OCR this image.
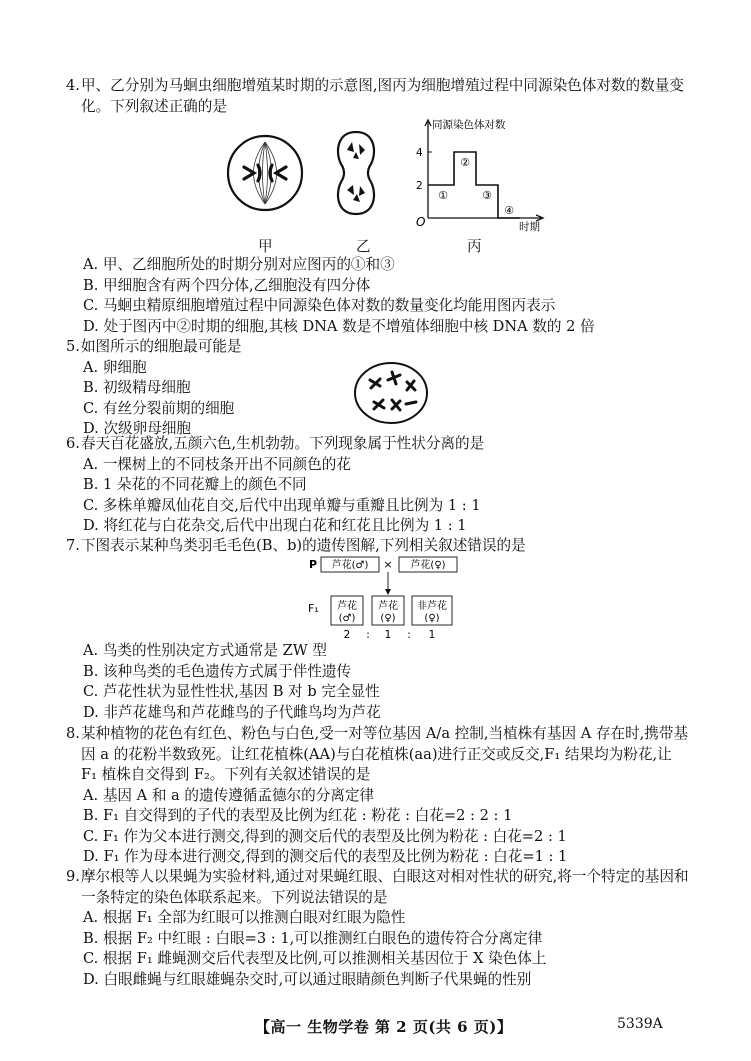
4.甲、乙分别为马蛔虫细胞增殖某时期的示意图,图丙为细胞增殖过程中同源染色体对数的数量变化。下列叙述正确的是

甲	乙
同源染色体对数
时期
O
2
4
①
②
③
④
丙

A. 甲、乙细胞所处的时期分别对应图丙的①和③

B. 甲细胞含有两个四分体,乙细胞没有四分体

C. 马蛔虫精原细胞增殖过程中同源染色体对数的数量变化均能用图丙表示

D. 处于图丙中②时期的细胞,其核 DNA 数是不增殖体细胞中核 DNA 数的 2 倍

5.如图所示的细胞最可能是

A. 卵细胞

B. 初级精母细胞

C. 有丝分裂前期的细胞

D. 次级卵母细胞

6.春天百花盛放,五颜六色,生机勃勃。下列现象属于性状分离的是

A. 一棵树上的不同枝条开出不同颜色的花

B. 1 朵花的不同花瓣上的颜色不同

C. 多株单瓣凤仙花自交,后代中出现单瓣与重瓣且比例为 1 : 1

D. 将红花与白花杂交,后代中出现白花和红花且比例为 1 : 1

7.下图表示某种鸟类羽毛毛色(B、b)的遗传图解,下列相关叙述错误的是

P 芦花(♂) × 芦花(♀)
F₁ 芦花
(♂)
芦花
(♀)
非芦花
(♀)
2 : 1 : 1

A. 鸟类的性别决定方式通常是 ZW 型

B. 该种鸟类的毛色遗传方式属于伴性遗传

C. 芦花性状为显性性状,基因 B 对 b 完全显性

D. 非芦花雄鸟和芦花雌鸟的子代雌鸟均为芦花

8.某种植物的花色有红色、粉色与白色,受一对等位基因 A/a 控制,当植株有基因 A 存在时,携带基因 a 的花粉半数致死。让红花植株(AA)与白花植株(aa)进行正交或反交,F₁ 结果均为粉花,让 F₁ 植株自交得到 F₂。下列有关叙述错误的是

A. 基因 A 和 a 的遗传遵循孟德尔的分离定律

B. F₁ 自交得到的子代的表型及比例为红花 : 粉花 : 白花=2 : 2 : 1

C. F₁ 作为父本进行测交,得到的测交后代的表型及比例为粉花 : 白花=2 : 1

D. F₁ 作为母本进行测交,得到的测交后代的表型及比例为粉花 : 白花=1 : 1

9.摩尔根等人以果蝇为实验材料,通过对果蝇红眼、白眼这对相对性状的研究,将一个特定的基因和一条特定的染色体联系起来。下列说法错误的是

A. 根据 F₁ 全部为红眼可以推测白眼对红眼为隐性

B. 根据 F₂ 中红眼 : 白眼=3 : 1,可以推测红白眼色的遗传符合分离定律

C. 根据 F₁ 雌蝇测交后代表型及比例,可以推测相关基因位于 X 染色体上

D. 白眼雌蝇与红眼雄蝇杂交时,可以通过眼睛颜色判断子代果蝇的性别

【高一 生物学卷 第 2 页(共 6 页)】	5339A
